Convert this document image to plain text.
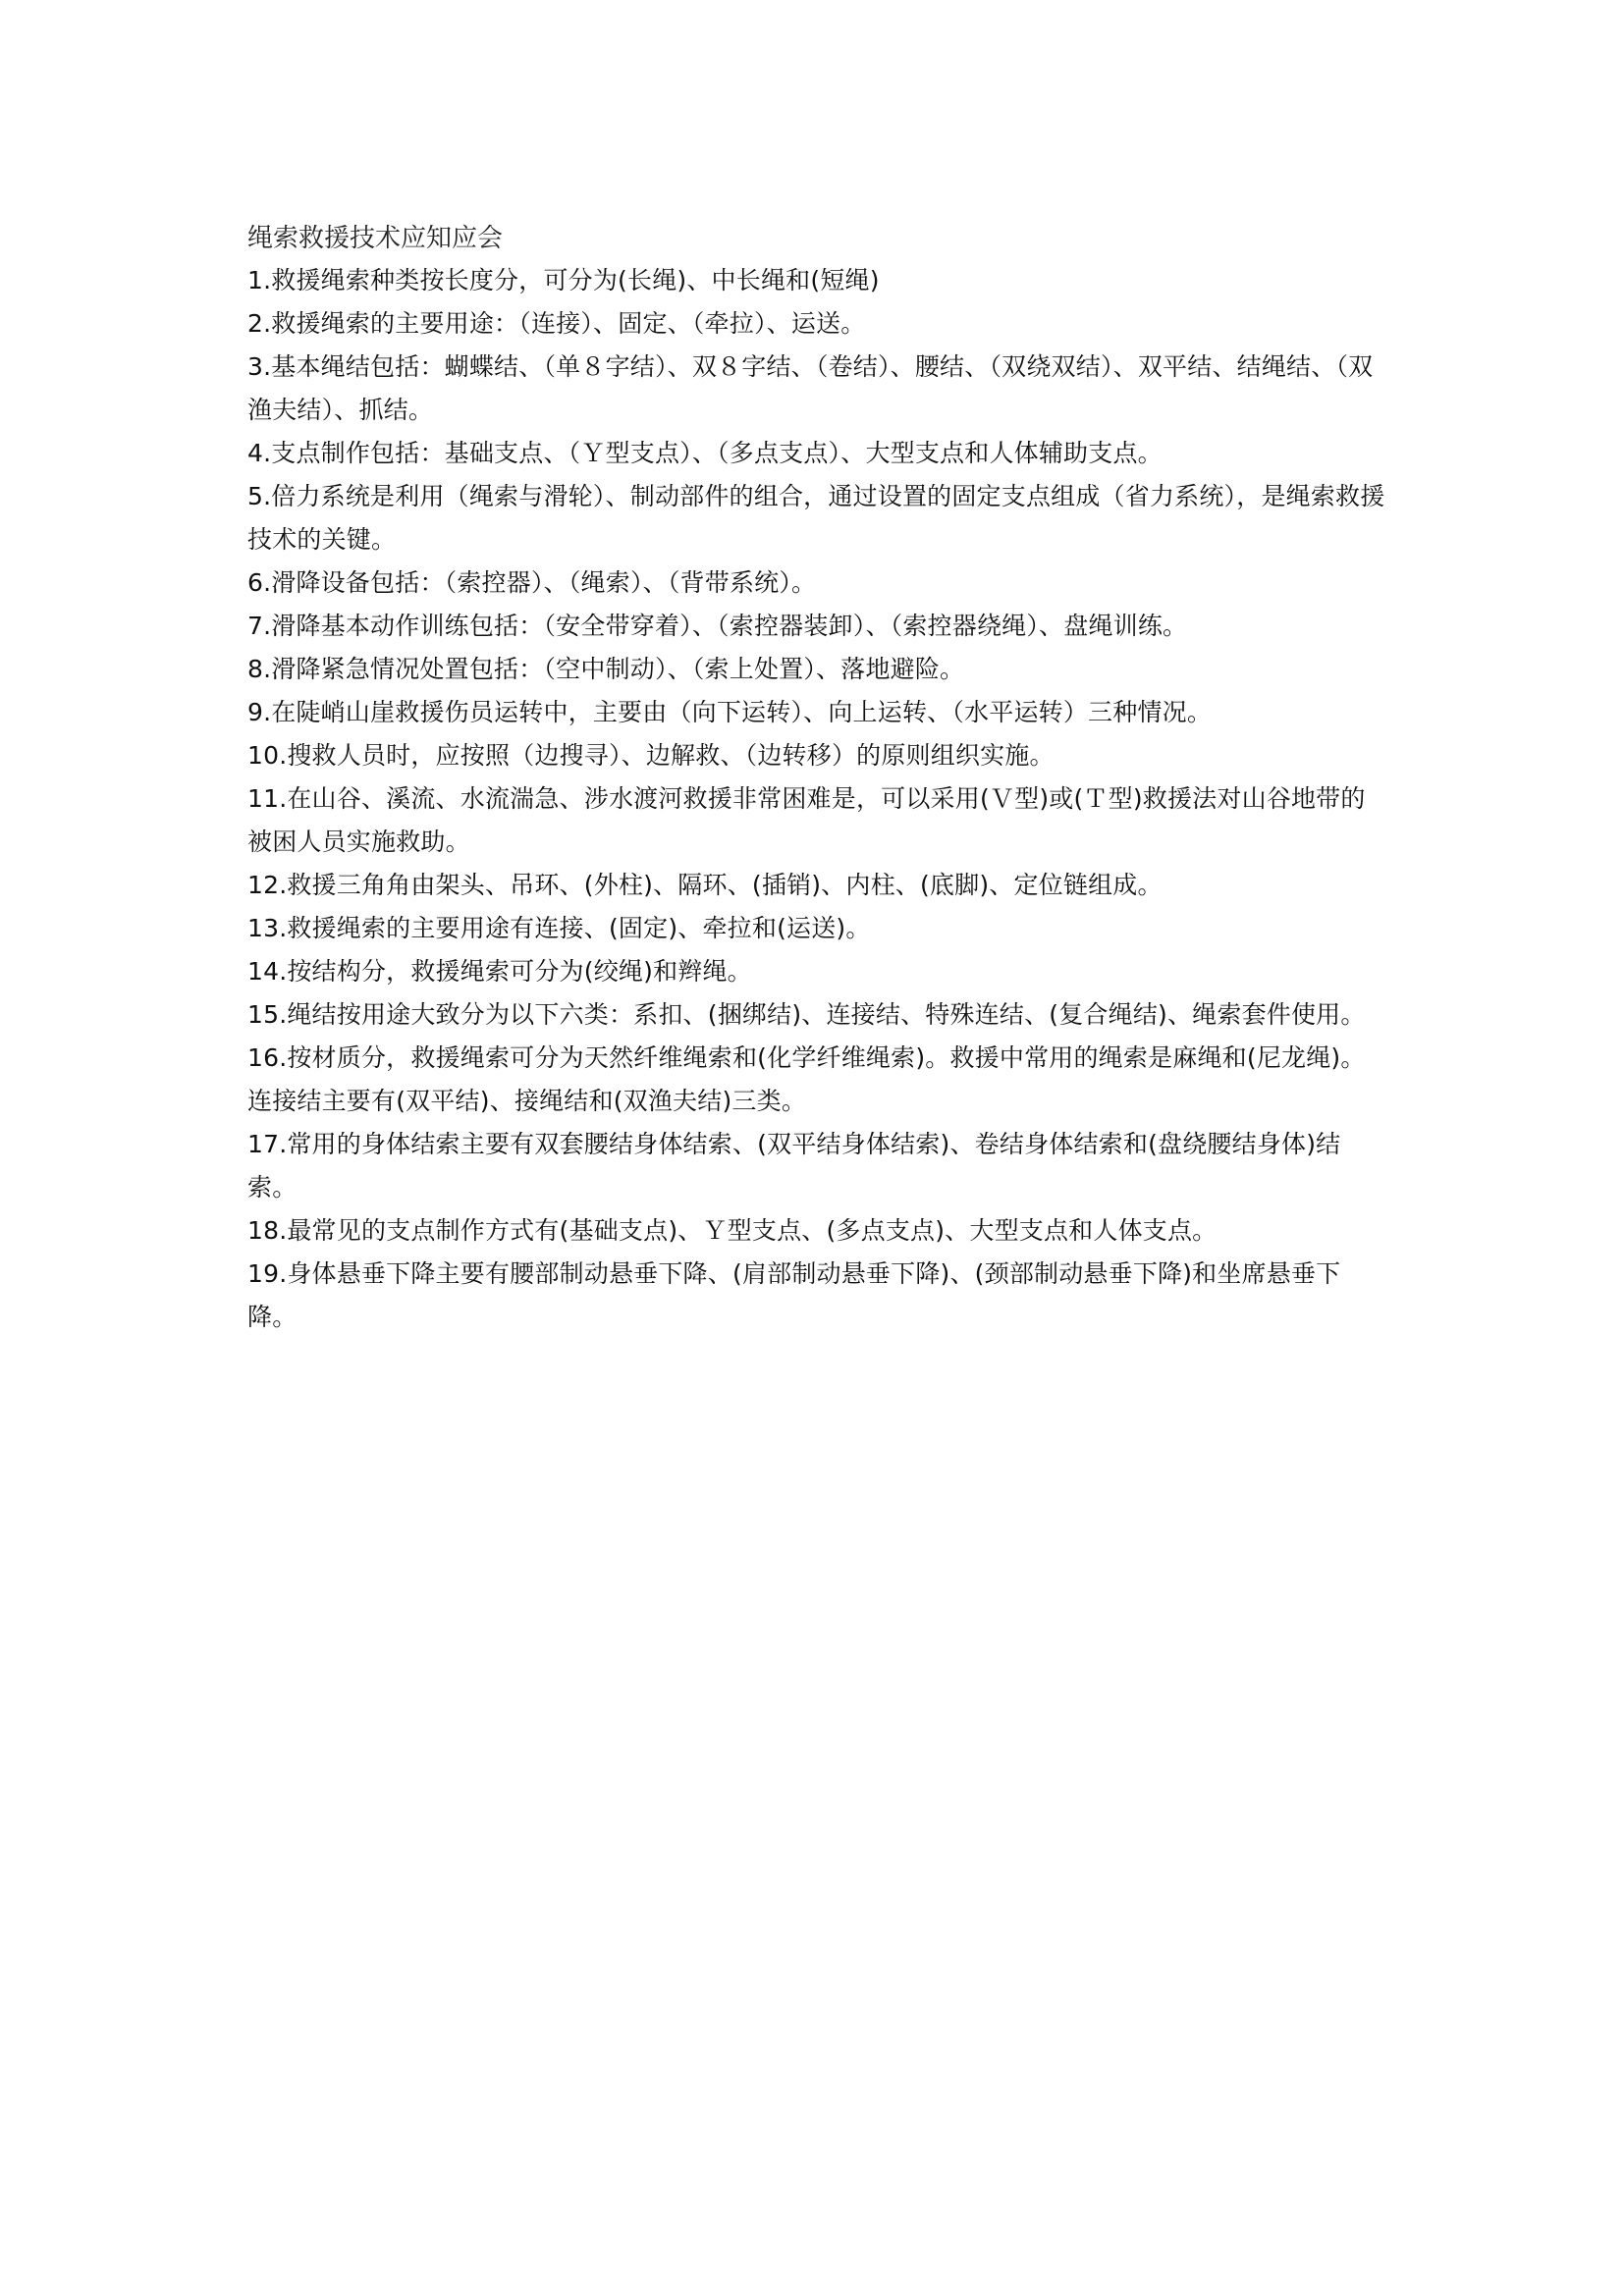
绳索救援技术应知应会

1.救援绳索种类按长度分，可分为(长绳)、中长绳和(短绳)

2.救援绳索的主要用途：（连接）、固定、（牵拉）、运送。

3.基本绳结包括：蝴蝶结、（单８字结）、双８字结、（卷结）、腰结、（双绕双结）、双平结、结绳结、（双渔夫结）、抓结。

4.支点制作包括：基础支点、（Ｙ型支点）、（多点支点）、大型支点和人体辅助支点。

5.倍力系统是利用（绳索与滑轮）、制动部件的组合，通过设置的固定支点组成（省力系统），是绳索救援技术的关键。

6.滑降设备包括：（索控器）、（绳索）、（背带系统）。

7.滑降基本动作训练包括：（安全带穿着）、（索控器装卸）、（索控器绕绳）、盘绳训练。

8.滑降紧急情况处置包括：（空中制动）、（索上处置）、落地避险。

9.在陡峭山崖救援伤员运转中，主要由（向下运转）、向上运转、（水平运转）三种情况。

10.搜救人员时，应按照（边搜寻）、边解救、（边转移）的原则组织实施。

11.在山谷、溪流、水流湍急、涉水渡河救援非常困难是，可以采用(Ｖ型)或(Ｔ型)救援法对山谷地带的被困人员实施救助。

12.救援三角角由架头、吊环、(外柱)、隔环、(插销)、内柱、(底脚)、定位链组成。

13.救援绳索的主要用途有连接、(固定)、牵拉和(运送)。

14.按结构分，救援绳索可分为(绞绳)和辫绳。

15.绳结按用途大致分为以下六类：系扣、(捆绑结)、连接结、特殊连结、(复合绳结)、绳索套件使用。

16.按材质分，救援绳索可分为天然纤维绳索和(化学纤维绳索)。救援中常用的绳索是麻绳和(尼龙绳)。

连接结主要有(双平结)、接绳结和(双渔夫结)三类。

17.常用的身体结索主要有双套腰结身体结索、(双平结身体结索)、卷结身体结索和(盘绕腰结身体)结索。

18.最常见的支点制作方式有(基础支点)、Ｙ型支点、(多点支点)、大型支点和人体支点。

19.身体悬垂下降主要有腰部制动悬垂下降、(肩部制动悬垂下降)、(颈部制动悬垂下降)和坐席悬垂下降。
